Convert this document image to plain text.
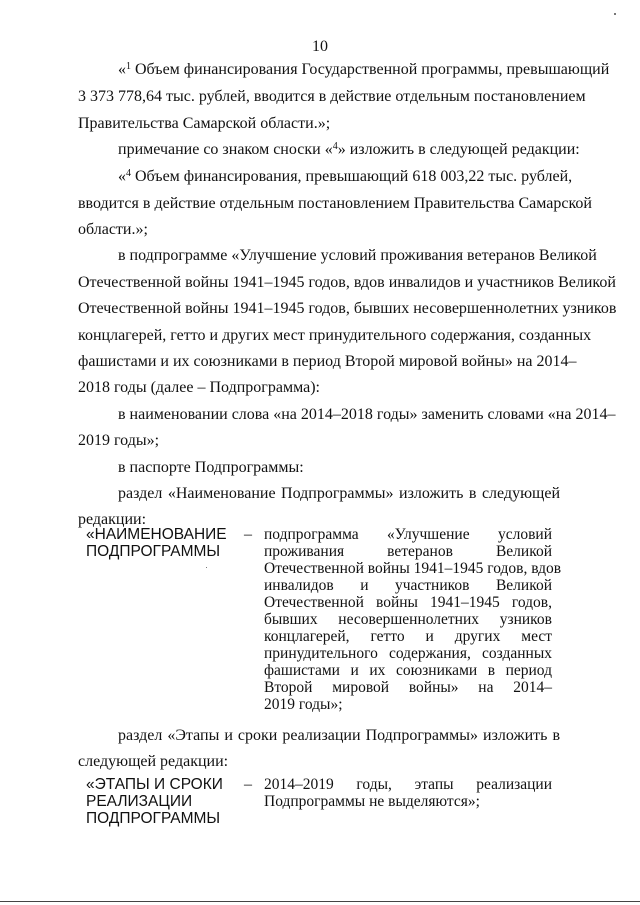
10
«$^1$ Объем финансирования Государственной программы, превышающий
3 373 778,64 тыс. рублей, вводится в действие отдельным постановлением
Правительства Самарской области.»;
примечание со знаком сноски «$^4$» изложить в следующей редакции:
«$^4$ Объем финансирования, превышающий 618 003,22 тыс. рублей,
вводится в действие отдельным постановлением Правительства Самарской
области.»;
в подпрограмме «Улучшение условий проживания ветеранов Великой
Отечественной войны 1941–1945 годов, вдов инвалидов и участников Великой
Отечественной войны 1941–1945 годов, бывших несовершеннолетних узников
концлагерей, гетто и других мест принудительного содержания, созданных
фашистами и их союзниками в период Второй мировой войны» на 2014–
2018 годы (далее – Подпрограмма):
в наименовании слова «на 2014–2018 годы» заменить словами «на 2014–
2019 годы»;
в паспорте Подпрограммы:
раздел «Наименование Подпрограммы» изложить в следующей
редакции:
«НАИМЕНОВАНИЕ
ПОДПРОГРАММЫ
– подпрограмма «Улучшение условий
проживания ветеранов Великой
Отечественной войны 1941–1945 годов, вдов
инвалидов и участников Великой
Отечественной войны 1941–1945 годов,
бывших несовершеннолетних узников
концлагерей, гетто и других мест
принудительного содержания, созданных
фашистами и их союзниками в период
Второй мировой войны» на 2014–
2019 годы»;
раздел «Этапы и сроки реализации Подпрограммы» изложить в
следующей редакции:
«ЭТАПЫ И СРОКИ
РЕАЛИЗАЦИИ
ПОДПРОГРАММЫ
– 2014–2019 годы, этапы реализации
Подпрограммы не выделяются»;
